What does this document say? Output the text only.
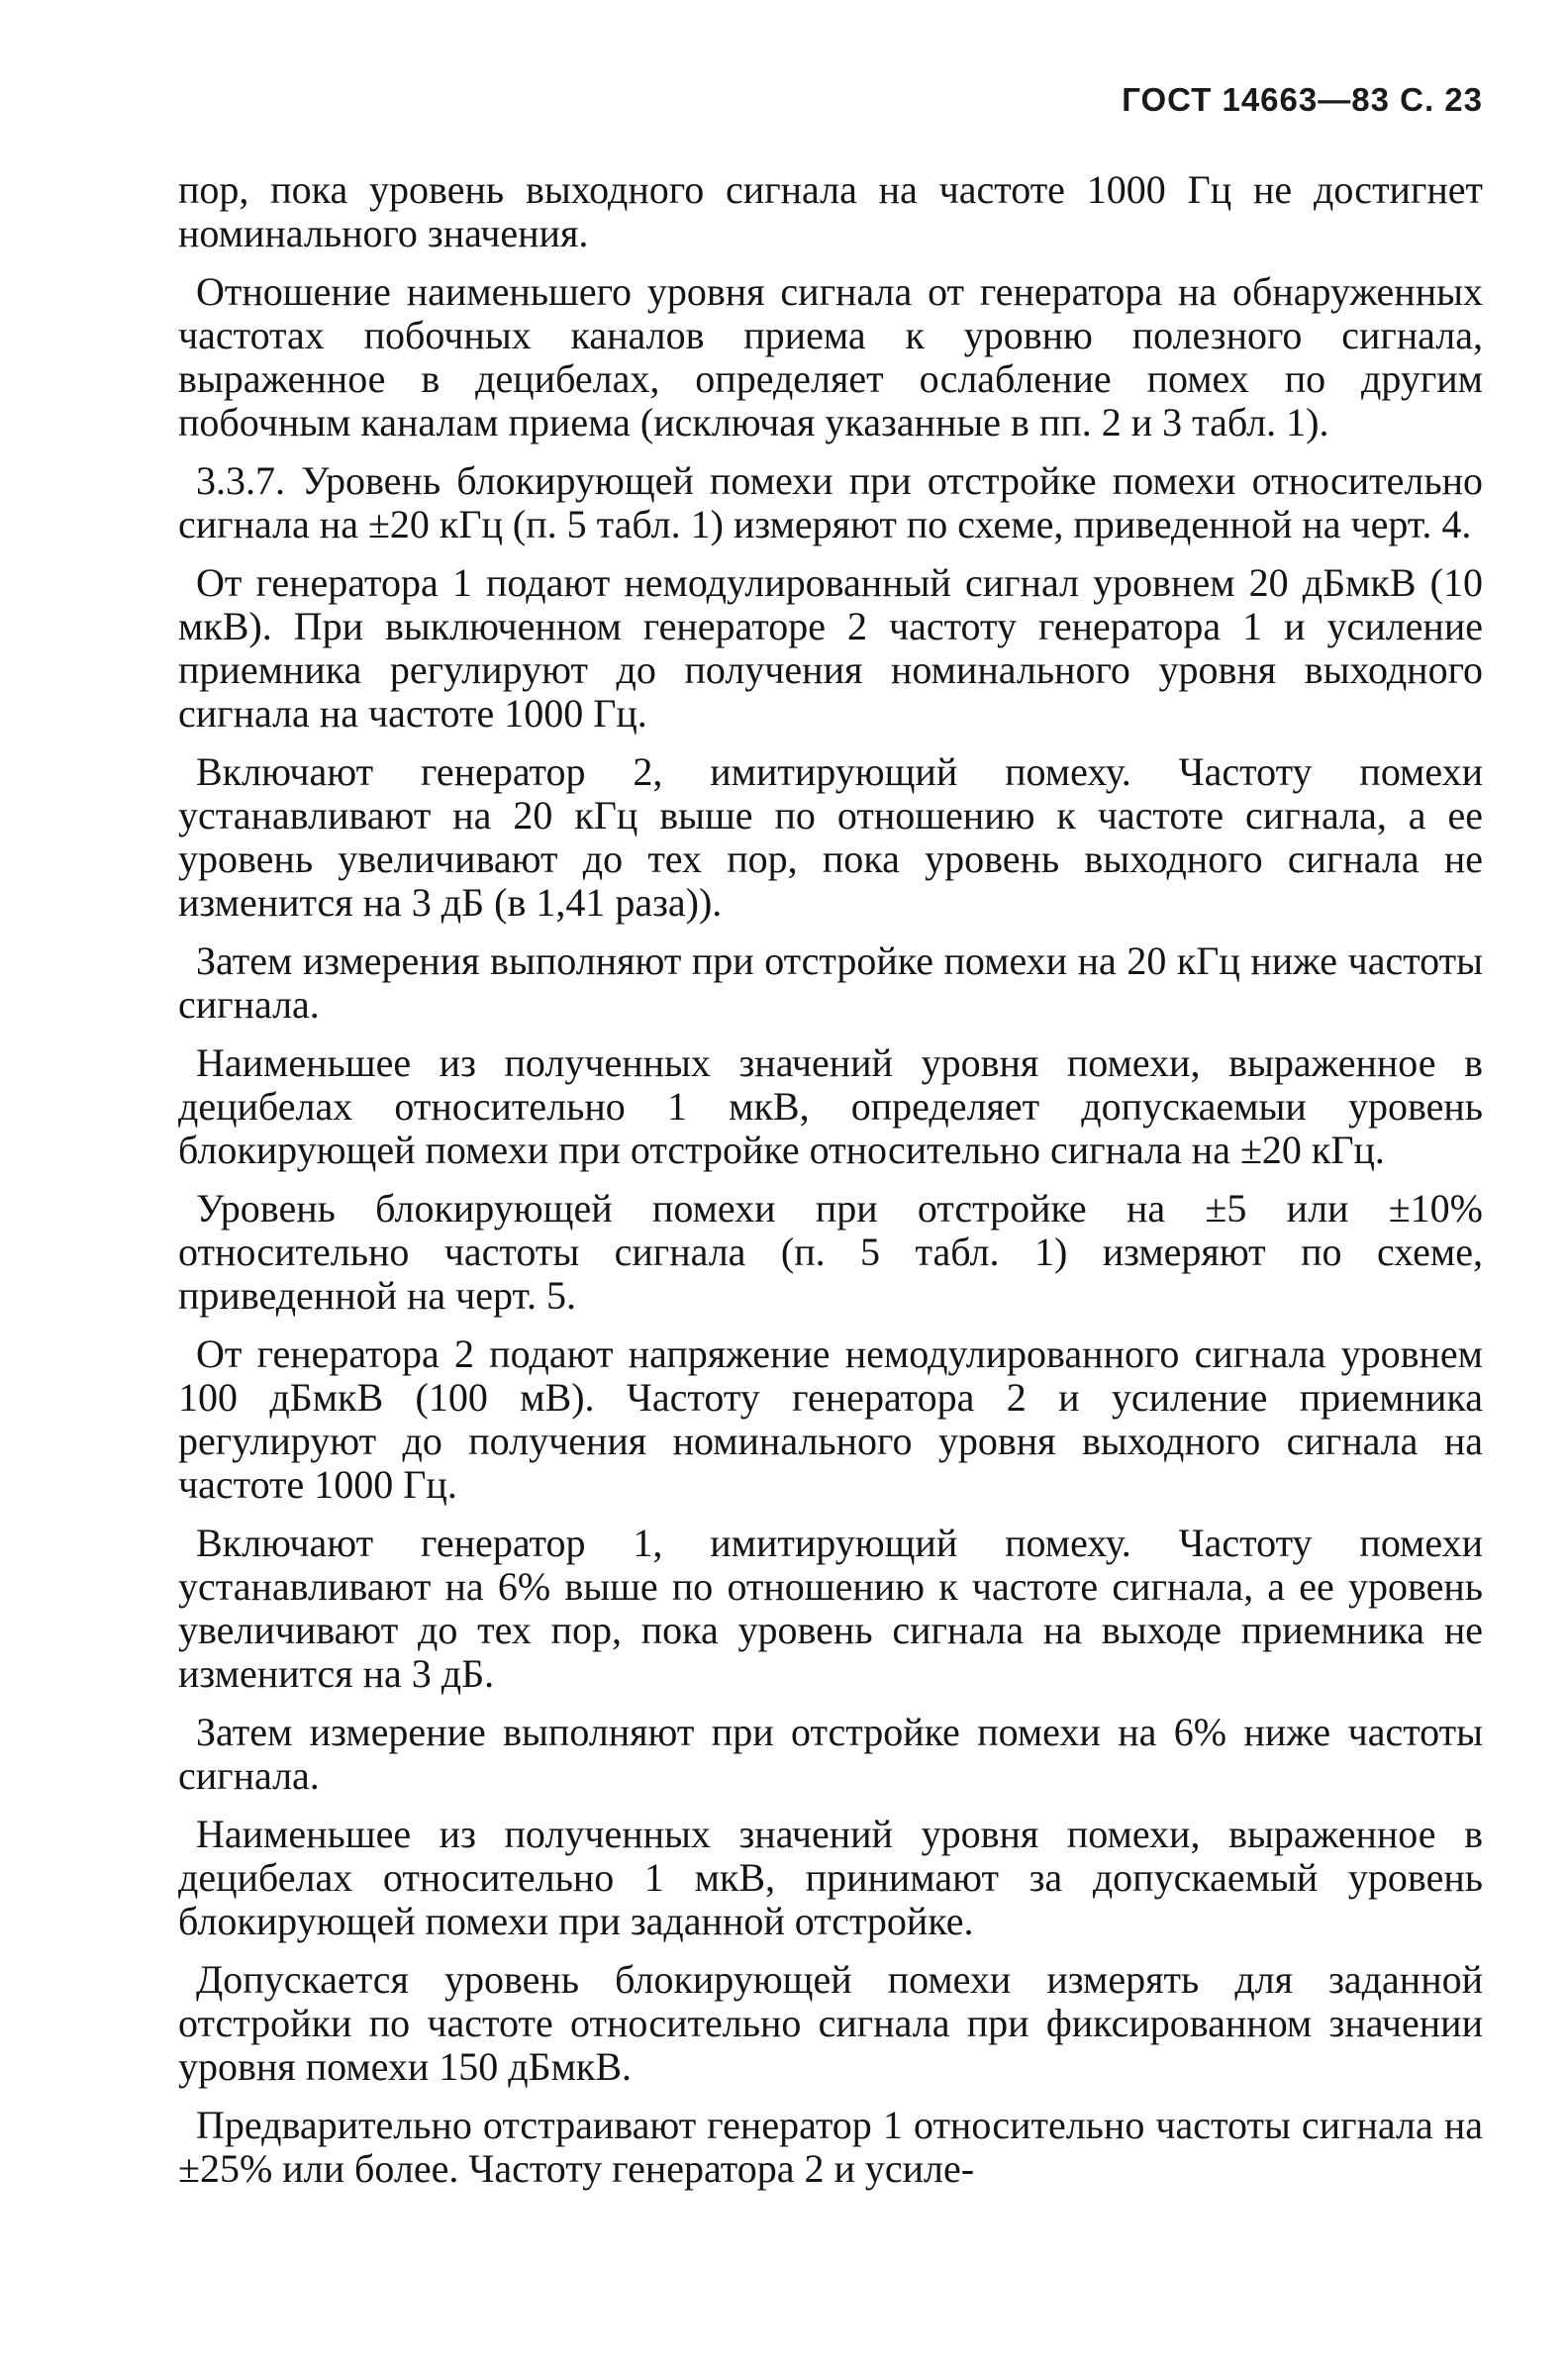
ГОСТ 14663—83 С. 23

пор, пока уровень выходного сигнала на частоте 1000 Гц не достигнет номинального значения.

Отношение наименьшего уровня сигнала от генератора на обнаруженных частотах побочных каналов приема к уровню полезного сигнала, выраженное в децибелах, определяет ослабление помех по другим побочным каналам приема (исключая указанные в пп. 2 и 3 табл. 1).

3.3.7. Уровень блокирующей помехи при отстройке помехи относительно сигнала на ±20 кГц (п. 5 табл. 1) измеряют по схеме, приведенной на черт. 4.

От генератора 1 подают немодулированный сигнал уровнем 20 дБмкВ (10 мкВ). При выключенном генераторе 2 частоту генератора 1 и усиление приемника регулируют до получения номинального уровня выходного сигнала на частоте 1000 Гц.

Включают генератор 2, имитирующий помеху. Частоту помехи устанавливают на 20 кГц выше по отношению к частоте сигнала, а ее уровень увеличивают до тех пор, пока уровень выходного сигнала не изменится на 3 дБ (в 1,41 раза)).

Затем измерения выполняют при отстройке помехи на 20 кГц ниже частоты сигнала.

Наименьшее из полученных значений уровня помехи, выраженное в децибелах относительно 1 мкВ, определяет допускаемыи уровень блокирующей помехи при отстройке относительно сигнала на ±20 кГц.

Уровень блокирующей помехи при отстройке на ±5 или ±10% относительно частоты сигнала (п. 5 табл. 1) измеряют по схеме, приведенной на черт. 5.

От генератора 2 подают напряжение немодулированного сигнала уровнем 100 дБмкВ (100 мВ). Частоту генератора 2 и усиление приемника регулируют до получения номинального уровня выходного сигнала на частоте 1000 Гц.

Включают генератор 1, имитирующий помеху. Частоту помехи устанавливают на 6% выше по отношению к частоте сигнала, а ее уровень увеличивают до тех пор, пока уровень сигнала на выходе приемника не изменится на 3 дБ.

Затем измерение выполняют при отстройке помехи на 6% ниже частоты сигнала.

Наименьшее из полученных значений уровня помехи, выраженное в децибелах относительно 1 мкВ, принимают за допускаемый уровень блокирующей помехи при заданной отстройке.

Допускается уровень блокирующей помехи измерять для заданной отстройки по частоте относительно сигнала при фиксированном значении уровня помехи 150 дБмкВ.

Предварительно отстраивают генератор 1 относительно частоты сигнала на ±25% или более. Частоту генератора 2 и усиле-
